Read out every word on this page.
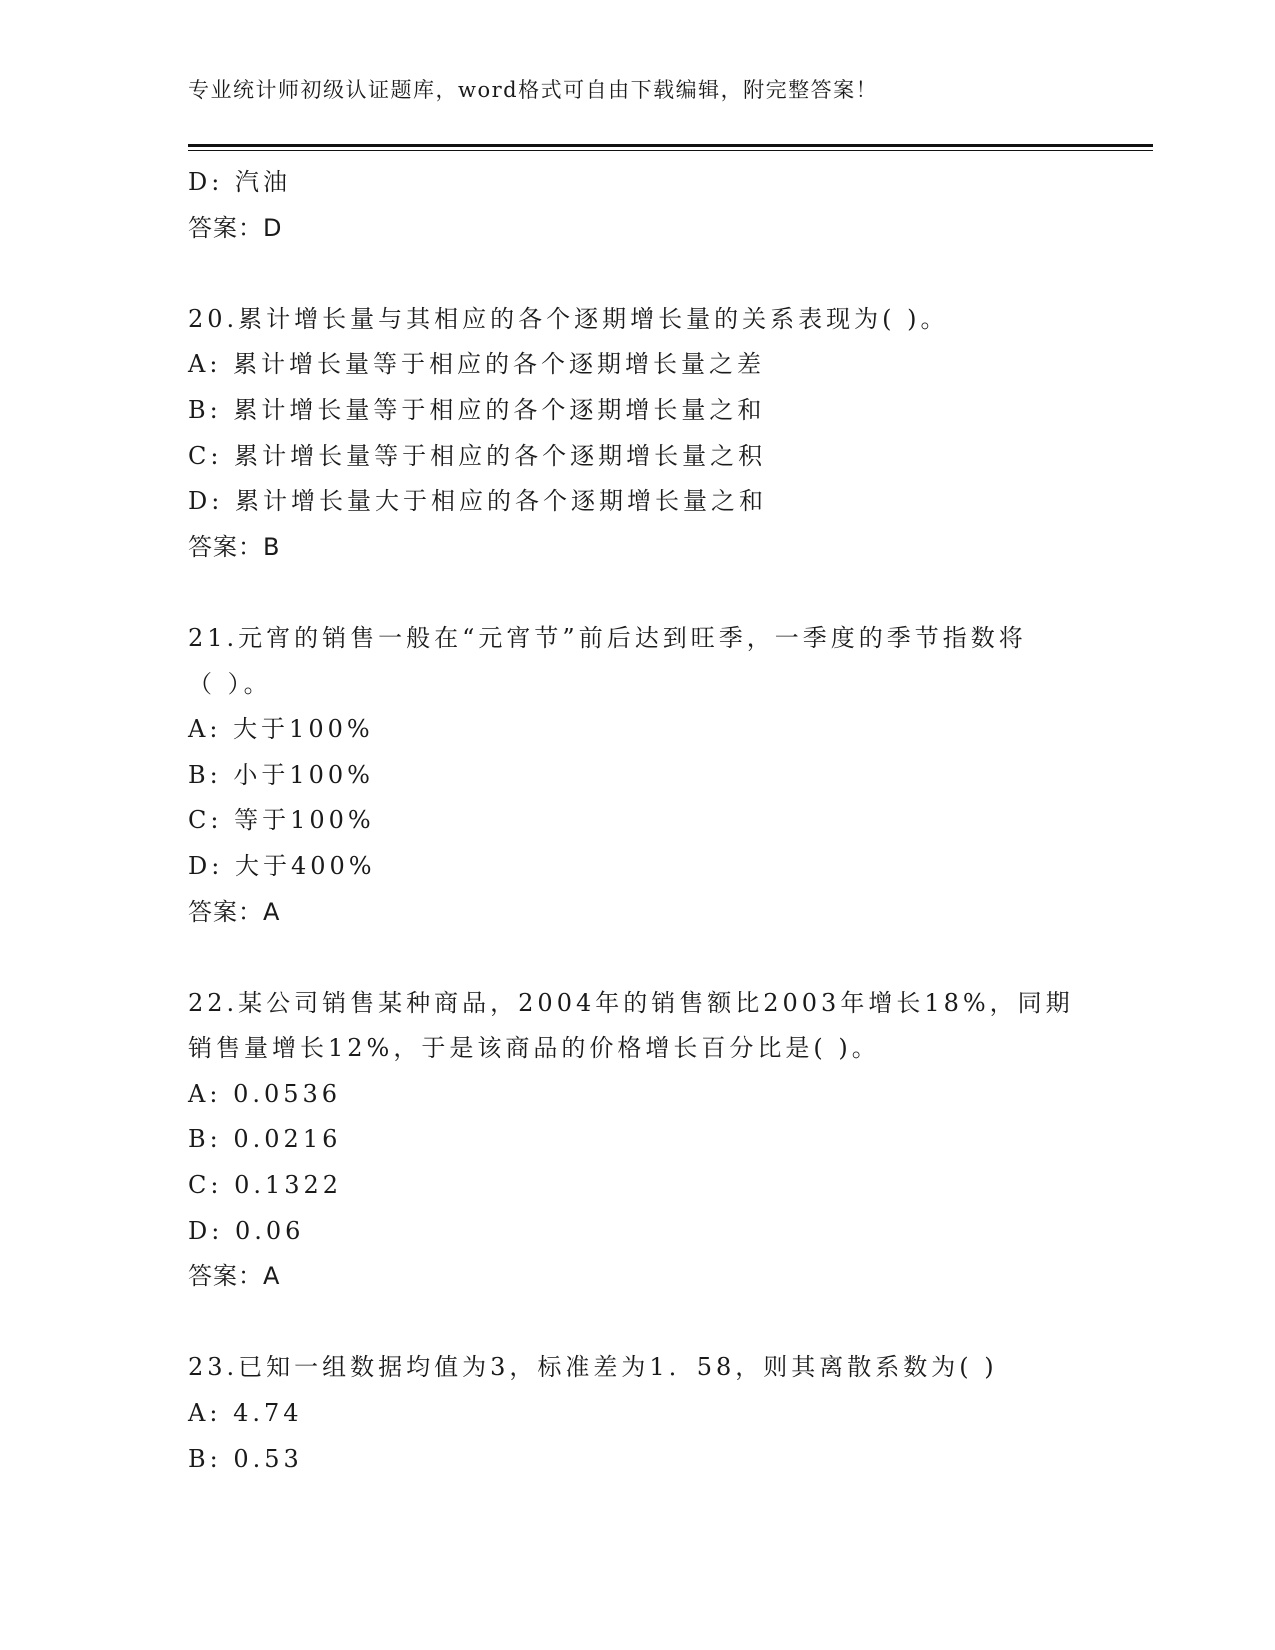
专业统计师初级认证题库，word格式可自由下载编辑，附完整答案！
D: 汽油
答案：D
20.累计增长量与其相应的各个逐期增长量的关系表现为( )。
A: 累计增长量等于相应的各个逐期增长量之差
B: 累计增长量等于相应的各个逐期增长量之和
C: 累计增长量等于相应的各个逐期增长量之积
D: 累计增长量大于相应的各个逐期增长量之和
答案：B
21.元宵的销售一般在“元宵节”前后达到旺季，一季度的季节指数将
（ ）。
A: 大于100%
B: 小于100%
C: 等于100%
D: 大于400%
答案：A
22.某公司销售某种商品，2004年的销售额比2003年增长18%，同期
销售量增长12%，于是该商品的价格增长百分比是( )。
A: 0.0536
B: 0.0216
C: 0.1322
D: 0.06
答案：A
23.已知一组数据均值为3，标准差为1．58，则其离散系数为( )
A: 4.74
B: 0.53
